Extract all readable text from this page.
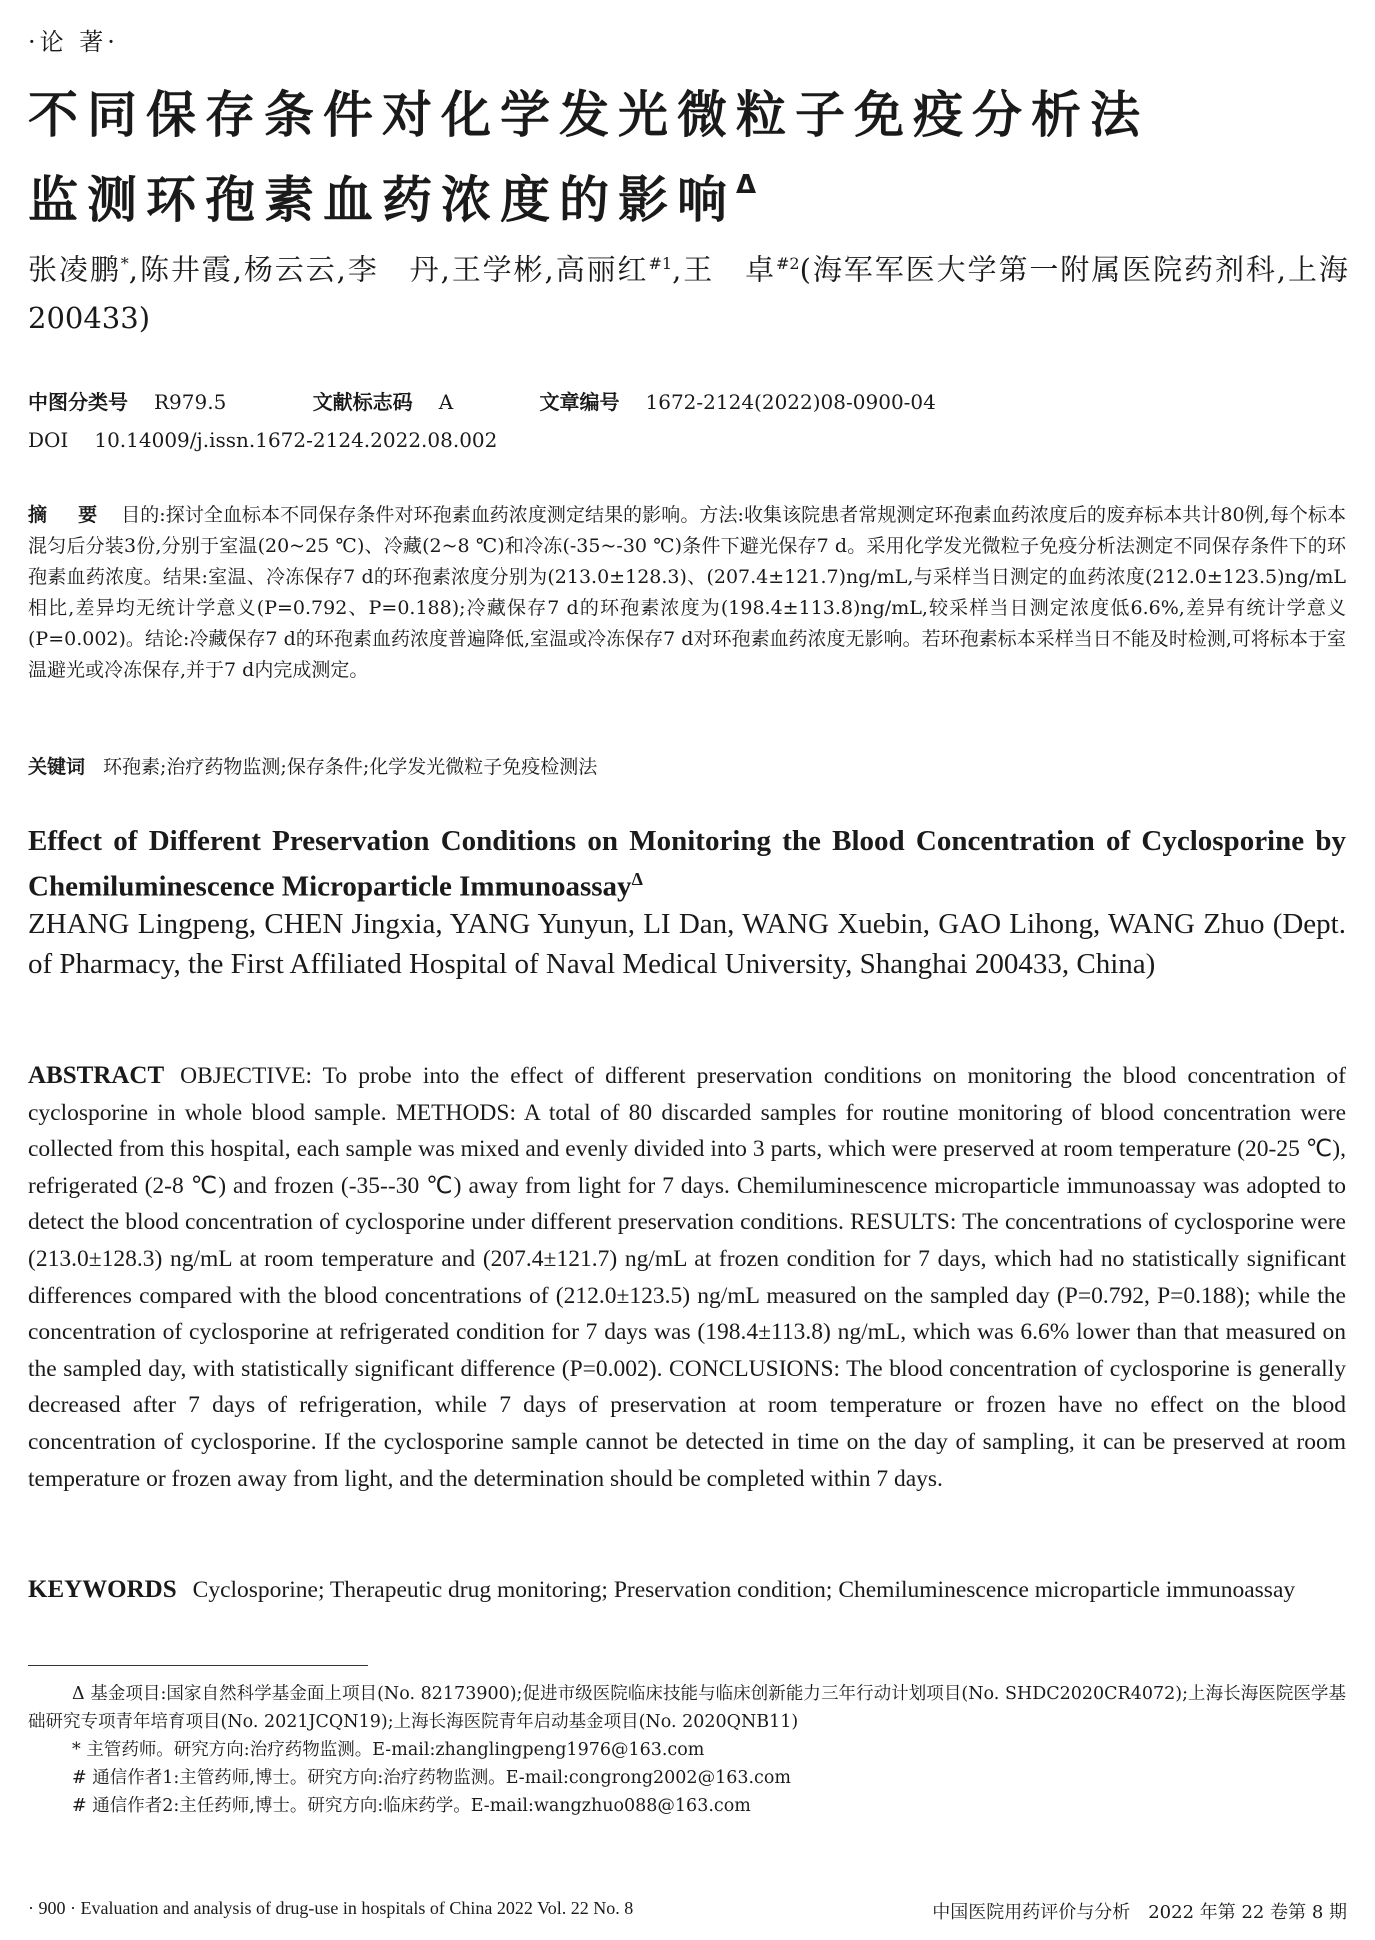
·论 著·
不同保存条件对化学发光微粒子免疫分析法
监测环孢素血药浓度的影响$^\Delta$

张凌鹏*,陈井霞,杨云云,李　丹,王学彬,高丽红$^{\#1}$,王　卓$^{\#2}$(海军军医大学第一附属医院药剂科,上海 200433)

中图分类号 R979.5	文献标志码 A	文章编号 1672-2124(2022)08-0900-04
DOI 10.14009/j.issn.1672-2124.2022.08.002

摘　要 目的:探讨全血标本不同保存条件对环孢素血药浓度测定结果的影响。方法:收集该院患者常规测定环孢素血药浓度后的废弃标本共计80例,每个标本混匀后分装3份,分别于室温(20~25 ℃)、冷藏(2~8 ℃)和冷冻(-35~-30 ℃)条件下避光保存7 d。采用化学发光微粒子免疫分析法测定不同保存条件下的环孢素血药浓度。结果:室温、冷冻保存7 d的环孢素浓度分别为(213.0±128.3)、(207.4±121.7)ng/mL,与采样当日测定的血药浓度(212.0±123.5)ng/mL相比,差异均无统计学意义(P=0.792、P=0.188);冷藏保存7 d的环孢素浓度为(198.4±113.8)ng/mL,较采样当日测定浓度低6.6%,差异有统计学意义(P=0.002)。结论:冷藏保存7 d的环孢素血药浓度普遍降低,室温或冷冻保存7 d对环孢素血药浓度无影响。若环孢素标本采样当日不能及时检测,可将标本于室温避光或冷冻保存,并于7 d内完成测定。

关键词 环孢素;治疗药物监测;保存条件;化学发光微粒子免疫检测法

Effect of Different Preservation Conditions on Monitoring the Blood Concentration of Cyclosporine by Chemiluminescence Microparticle Immunoassay$^\Delta$

ZHANG Lingpeng, CHEN Jingxia, YANG Yunyun, LI Dan, WANG Xuebin, GAO Lihong, WANG Zhuo (Dept. of Pharmacy, the First Affiliated Hospital of Naval Medical University, Shanghai 200433, China)

ABSTRACT OBJECTIVE: To probe into the effect of different preservation conditions on monitoring the blood concentration of cyclosporine in whole blood sample. METHODS: A total of 80 discarded samples for routine monitoring of blood concentration were collected from this hospital, each sample was mixed and evenly divided into 3 parts, which were preserved at room temperature (20-25 ℃), refrigerated (2-8 ℃) and frozen (-35--30 ℃) away from light for 7 days. Chemiluminescence microparticle immunoassay was adopted to detect the blood concentration of cyclosporine under different preservation conditions. RESULTS: The concentrations of cyclosporine were (213.0±128.3) ng/mL at room temperature and (207.4±121.7) ng/mL at frozen condition for 7 days, which had no statistically significant differences compared with the blood concentrations of (212.0±123.5) ng/mL measured on the sampled day (P=0.792, P=0.188); while the concentration of cyclosporine at refrigerated condition for 7 days was (198.4±113.8) ng/mL, which was 6.6% lower than that measured on the sampled day, with statistically significant difference (P=0.002). CONCLUSIONS: The blood concentration of cyclosporine is generally decreased after 7 days of refrigeration, while 7 days of preservation at room temperature or frozen have no effect on the blood concentration of cyclosporine. If the cyclosporine sample cannot be detected in time on the day of sampling, it can be preserved at room temperature or frozen away from light, and the determination should be completed within 7 days.

KEYWORDS Cyclosporine; Therapeutic drug monitoring; Preservation condition; Chemiluminescence microparticle immunoassay

Δ 基金项目:国家自然科学基金面上项目(No. 82173900);促进市级医院临床技能与临床创新能力三年行动计划项目(No. SHDC2020CR4072);上海长海医院医学基础研究专项青年培育项目(No. 2021JCQN19);上海长海医院青年启动基金项目(No. 2020QNB11)

* 主管药师。研究方向:治疗药物监测。E-mail:zhanglingpeng1976@163.com

# 通信作者1:主管药师,博士。研究方向:治疗药物监测。E-mail:congrong2002@163.com

# 通信作者2:主任药师,博士。研究方向:临床药学。E-mail:wangzhuo088@163.com

· 900 · Evaluation and analysis of drug-use in hospitals of China 2022 Vol. 22 No. 8	中国医院用药评价与分析　2022 年第 22 卷第 8 期
